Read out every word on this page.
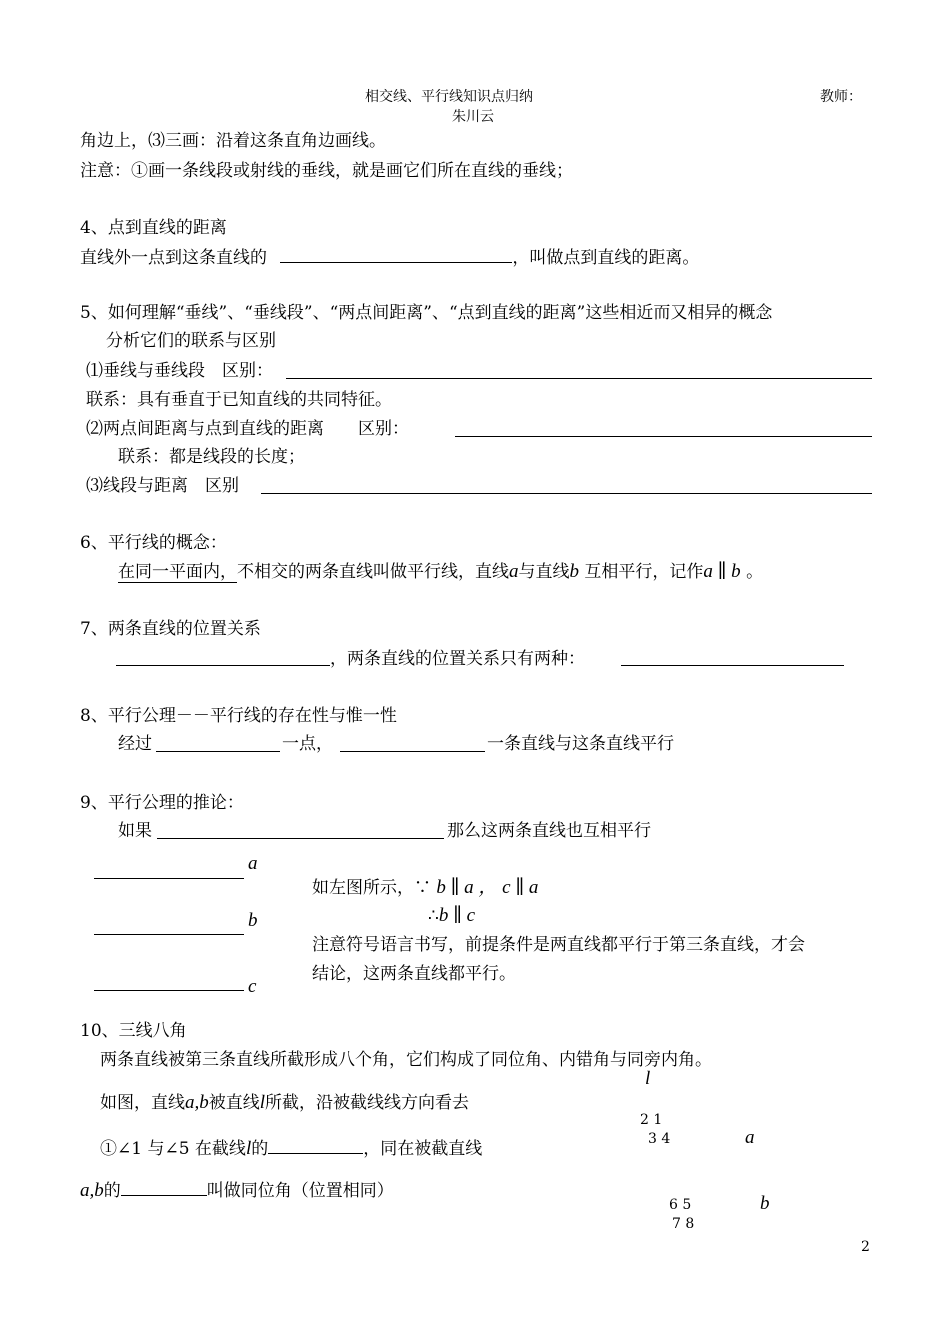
相交线、平行线知识点归纳	教师：
朱川云
角边上，⑶三画：沿着这条直角边画线。
注意：①画一条线段或射线的垂线，就是画它们所在直线的垂线；
4、点到直线的距离
直线外一点到这条直线的	，叫做点到直线的距离。
5、如何理解“垂线”、“垂线段”、“两点间距离”、“点到直线的距离”这些相近而又相异的概念
分析它们的联系与区别
⑴垂线与垂线段　区别：
联系：具有垂直于已知直线的共同特征。
⑵两点间距离与点到直线的距离　　区别：
联系：都是线段的长度；
⑶线段与距离　区别
6、平行线的概念：
在同一平面内，不相交的两条直线叫做平行线，直线a与直线b 互相平行，记作a ∥ b 。
7、两条直线的位置关系
，两条直线的位置关系只有两种：
8、平行公理－－平行线的存在性与惟一性
经过	一点，	一条直线与这条直线平行
9、平行公理的推论：
如果	那么这两条直线也互相平行
a
b
c
如左图所示，∵ b ∥ a ， c ∥ a
∴b ∥ c
注意符号语言书写，前提条件是两直线都平行于第三条直线，才会
结论，这两条直线都平行。
10、三线八角
两条直线被第三条直线所截形成八个角，它们构成了同位角、内错角与同旁内角。
如图，直线a,b被直线l所截，沿被截线线方向看去
①∠1 与∠5 在截线l的	，同在被截直线
a,b的	叫做同位角（位置相同）
l
2 1
3 4	a
6 5	b
7 8
2
